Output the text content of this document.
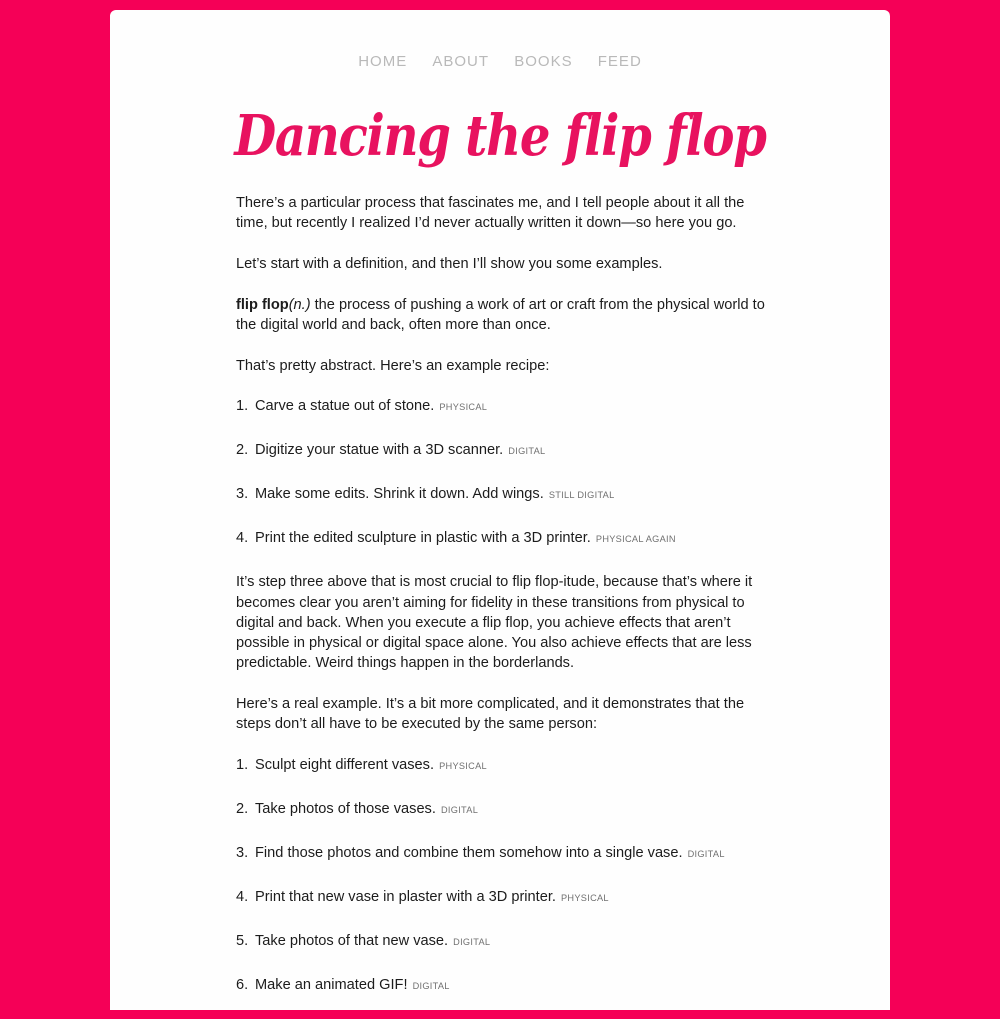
HOME ABOUT BOOKS FEED
Dancing the flip flop

There’s a particular process that fascinates me, and I tell people about it all the time, but recently I realized I’d never actually written it down—so here you go.

Let’s start with a definition, and then I’ll show you some examples.

flip flop(n.) the process of pushing a work of art or craft from the physical world to the digital world and back, often more than once.

That’s pretty abstract. Here’s an example recipe:

1. Carve a statue out of stone. PHYSICAL
2. Digitize your statue with a 3D scanner. DIGITAL
3. Make some edits. Shrink it down. Add wings. STILL DIGITAL
4. Print the edited sculpture in plastic with a 3D printer. PHYSICAL AGAIN

It’s step three above that is most crucial to flip flop-itude, because that’s where it becomes clear you aren’t aiming for fidelity in these transitions from physical to digital and back. When you execute a flip flop, you achieve effects that aren’t possible in physical or digital space alone. You also achieve effects that are less predictable. Weird things happen in the borderlands.

Here’s a real example. It’s a bit more complicated, and it demonstrates that the steps don’t all have to be executed by the same person:

1. Sculpt eight different vases. PHYSICAL
2. Take photos of those vases. DIGITAL
3. Find those photos and combine them somehow into a single vase. DIGITAL
4. Print that new vase in plaster with a 3D printer. PHYSICAL
5. Take photos of that new vase. DIGITAL
6. Make an animated GIF! DIGITAL
